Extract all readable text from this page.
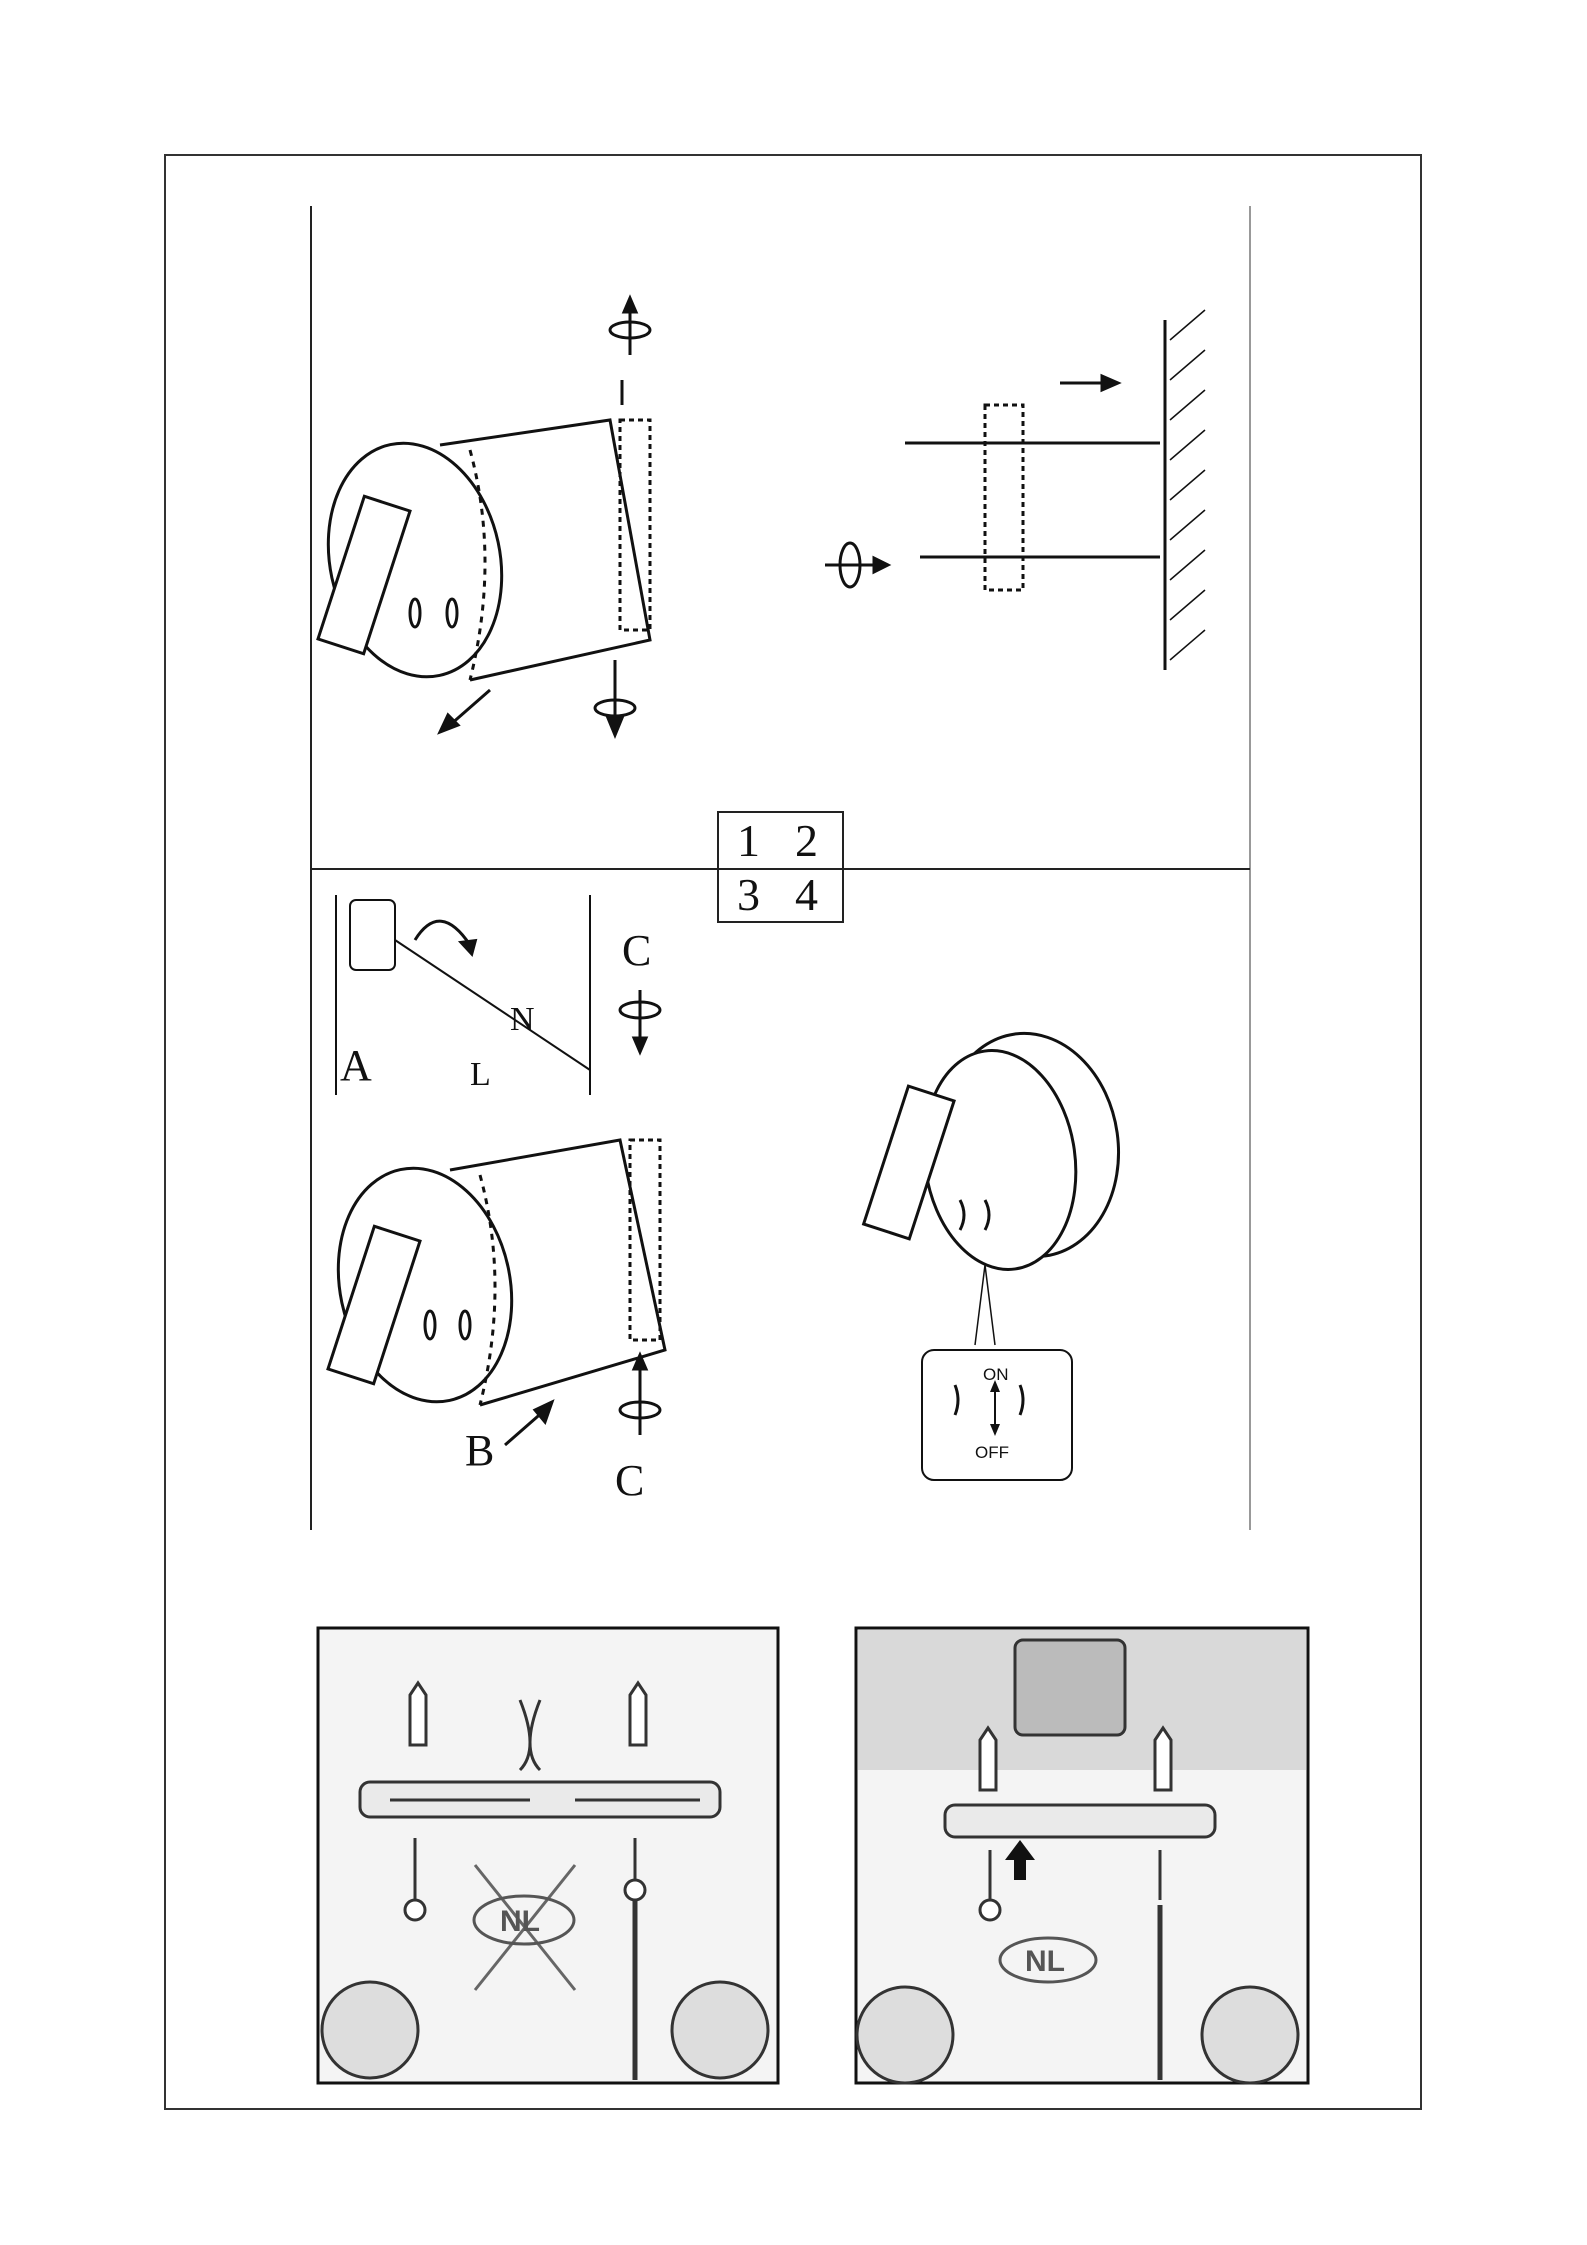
1 2
3 4
A
N
L
C
C
B
ON
OFF
NL
NL
